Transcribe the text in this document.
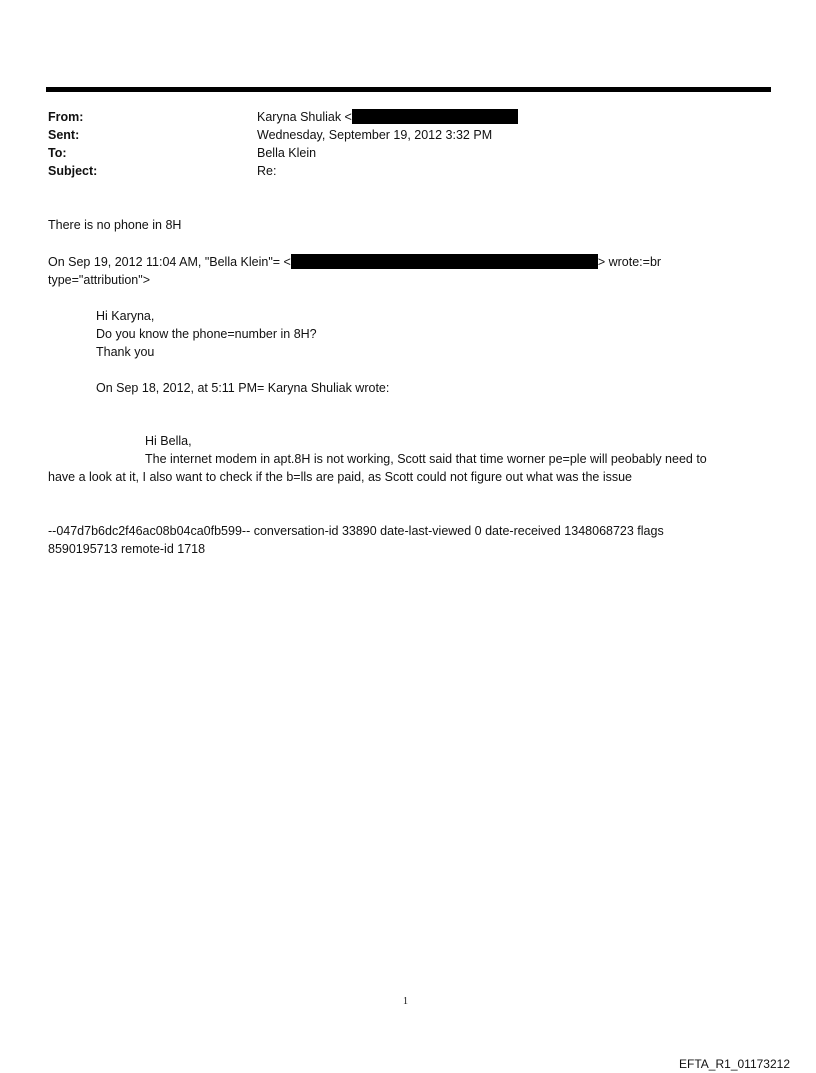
From:	Karyna Shuliak <
Sent:	Wednesday, September 19, 2012 3:32 PM
To:	Bella Klein
Subject:	Re:
There is no phone in 8H
On Sep 19, 2012 11:04 AM, "Bella Klein"= <	> wrote:=br
type="attribution">
Hi Karyna,
Do you know the phone=number in 8H?
Thank you
On Sep 18, 2012, at 5:11 PM= Karyna Shuliak wrote:
Hi Bella,
The internet modem in apt.8H is not working, Scott said that time worner pe=ple will peobably need to
have a look at it, I also want to check if the b=lls are paid, as Scott could not figure out what was the issue
--047d7b6dc2f46ac08b04ca0fb599-- conversation-id 33890 date-last-viewed 0 date-received 1348068723 flags
8590195713 remote-id 1718
1
EFTA_R1_01173212
